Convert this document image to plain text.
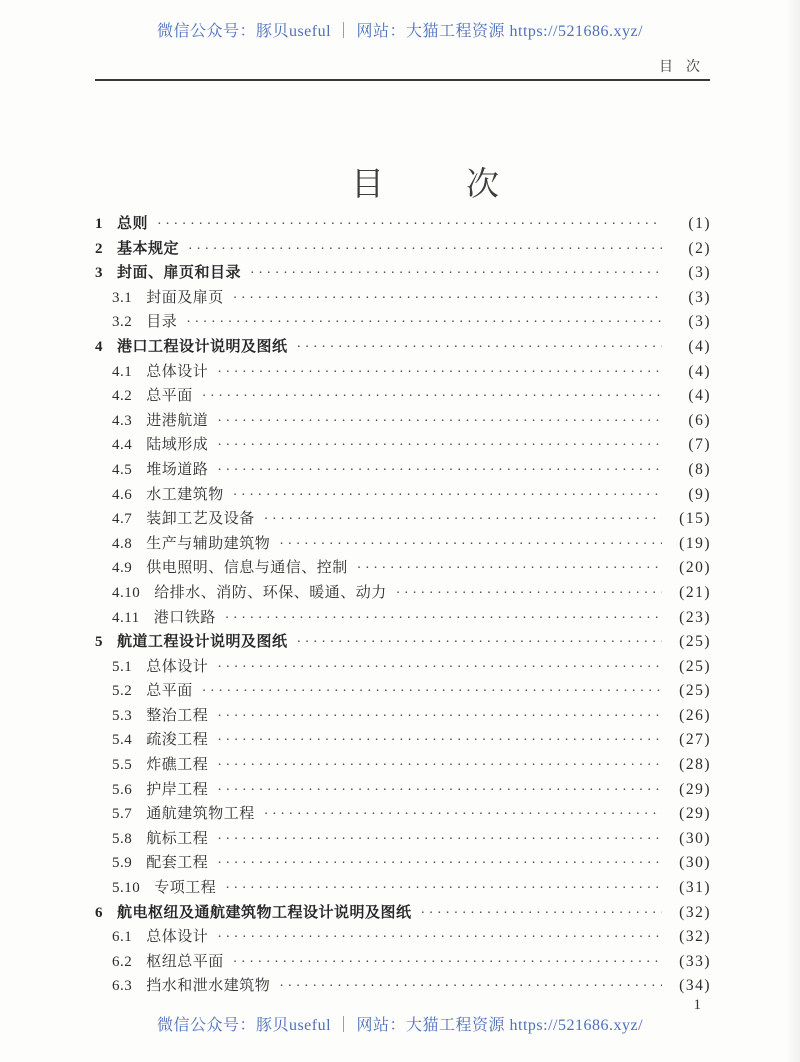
微信公众号：豚贝useful ｜ 网站：大猫工程资源 https://521686.xyz/
目 次
目 次
1 总则 ·····	(1)
2 基本规定 ·····	(2)
3 封面、扉页和目录 ·····	(3)
3.1 封面及扉页 ·····	(3)
3.2 目录 ·····	(3)
4 港口工程设计说明及图纸 ·····	(4)
4.1 总体设计 ·····	(4)
4.2 总平面 ·····	(4)
4.3 进港航道 ·····	(6)
4.4 陆域形成 ·····	(7)
4.5 堆场道路 ·····	(8)
4.6 水工建筑物 ·····	(9)
4.7 装卸工艺及设备 ·····	(15)
4.8 生产与辅助建筑物 ·····	(19)
4.9 供电照明、信息与通信、控制 ·····	(20)
4.10 给排水、消防、环保、暖通、动力 ·····	(21)
4.11 港口铁路 ·····	(23)
5 航道工程设计说明及图纸 ·····	(25)
5.1 总体设计 ·····	(25)
5.2 总平面 ·····	(25)
5.3 整治工程 ·····	(26)
5.4 疏浚工程 ·····	(27)
5.5 炸礁工程 ·····	(28)
5.6 护岸工程 ·····	(29)
5.7 通航建筑物工程 ·····	(29)
5.8 航标工程 ·····	(30)
5.9 配套工程 ·····	(30)
5.10 专项工程 ·····	(31)
6 航电枢纽及通航建筑物工程设计说明及图纸 ·····	(32)
6.1 总体设计 ·····	(32)
6.2 枢纽总平面 ·····	(33)
6.3 挡水和泄水建筑物 ·····	(34)
1
微信公众号：豚贝useful ｜ 网站：大猫工程资源 https://521686.xyz/
